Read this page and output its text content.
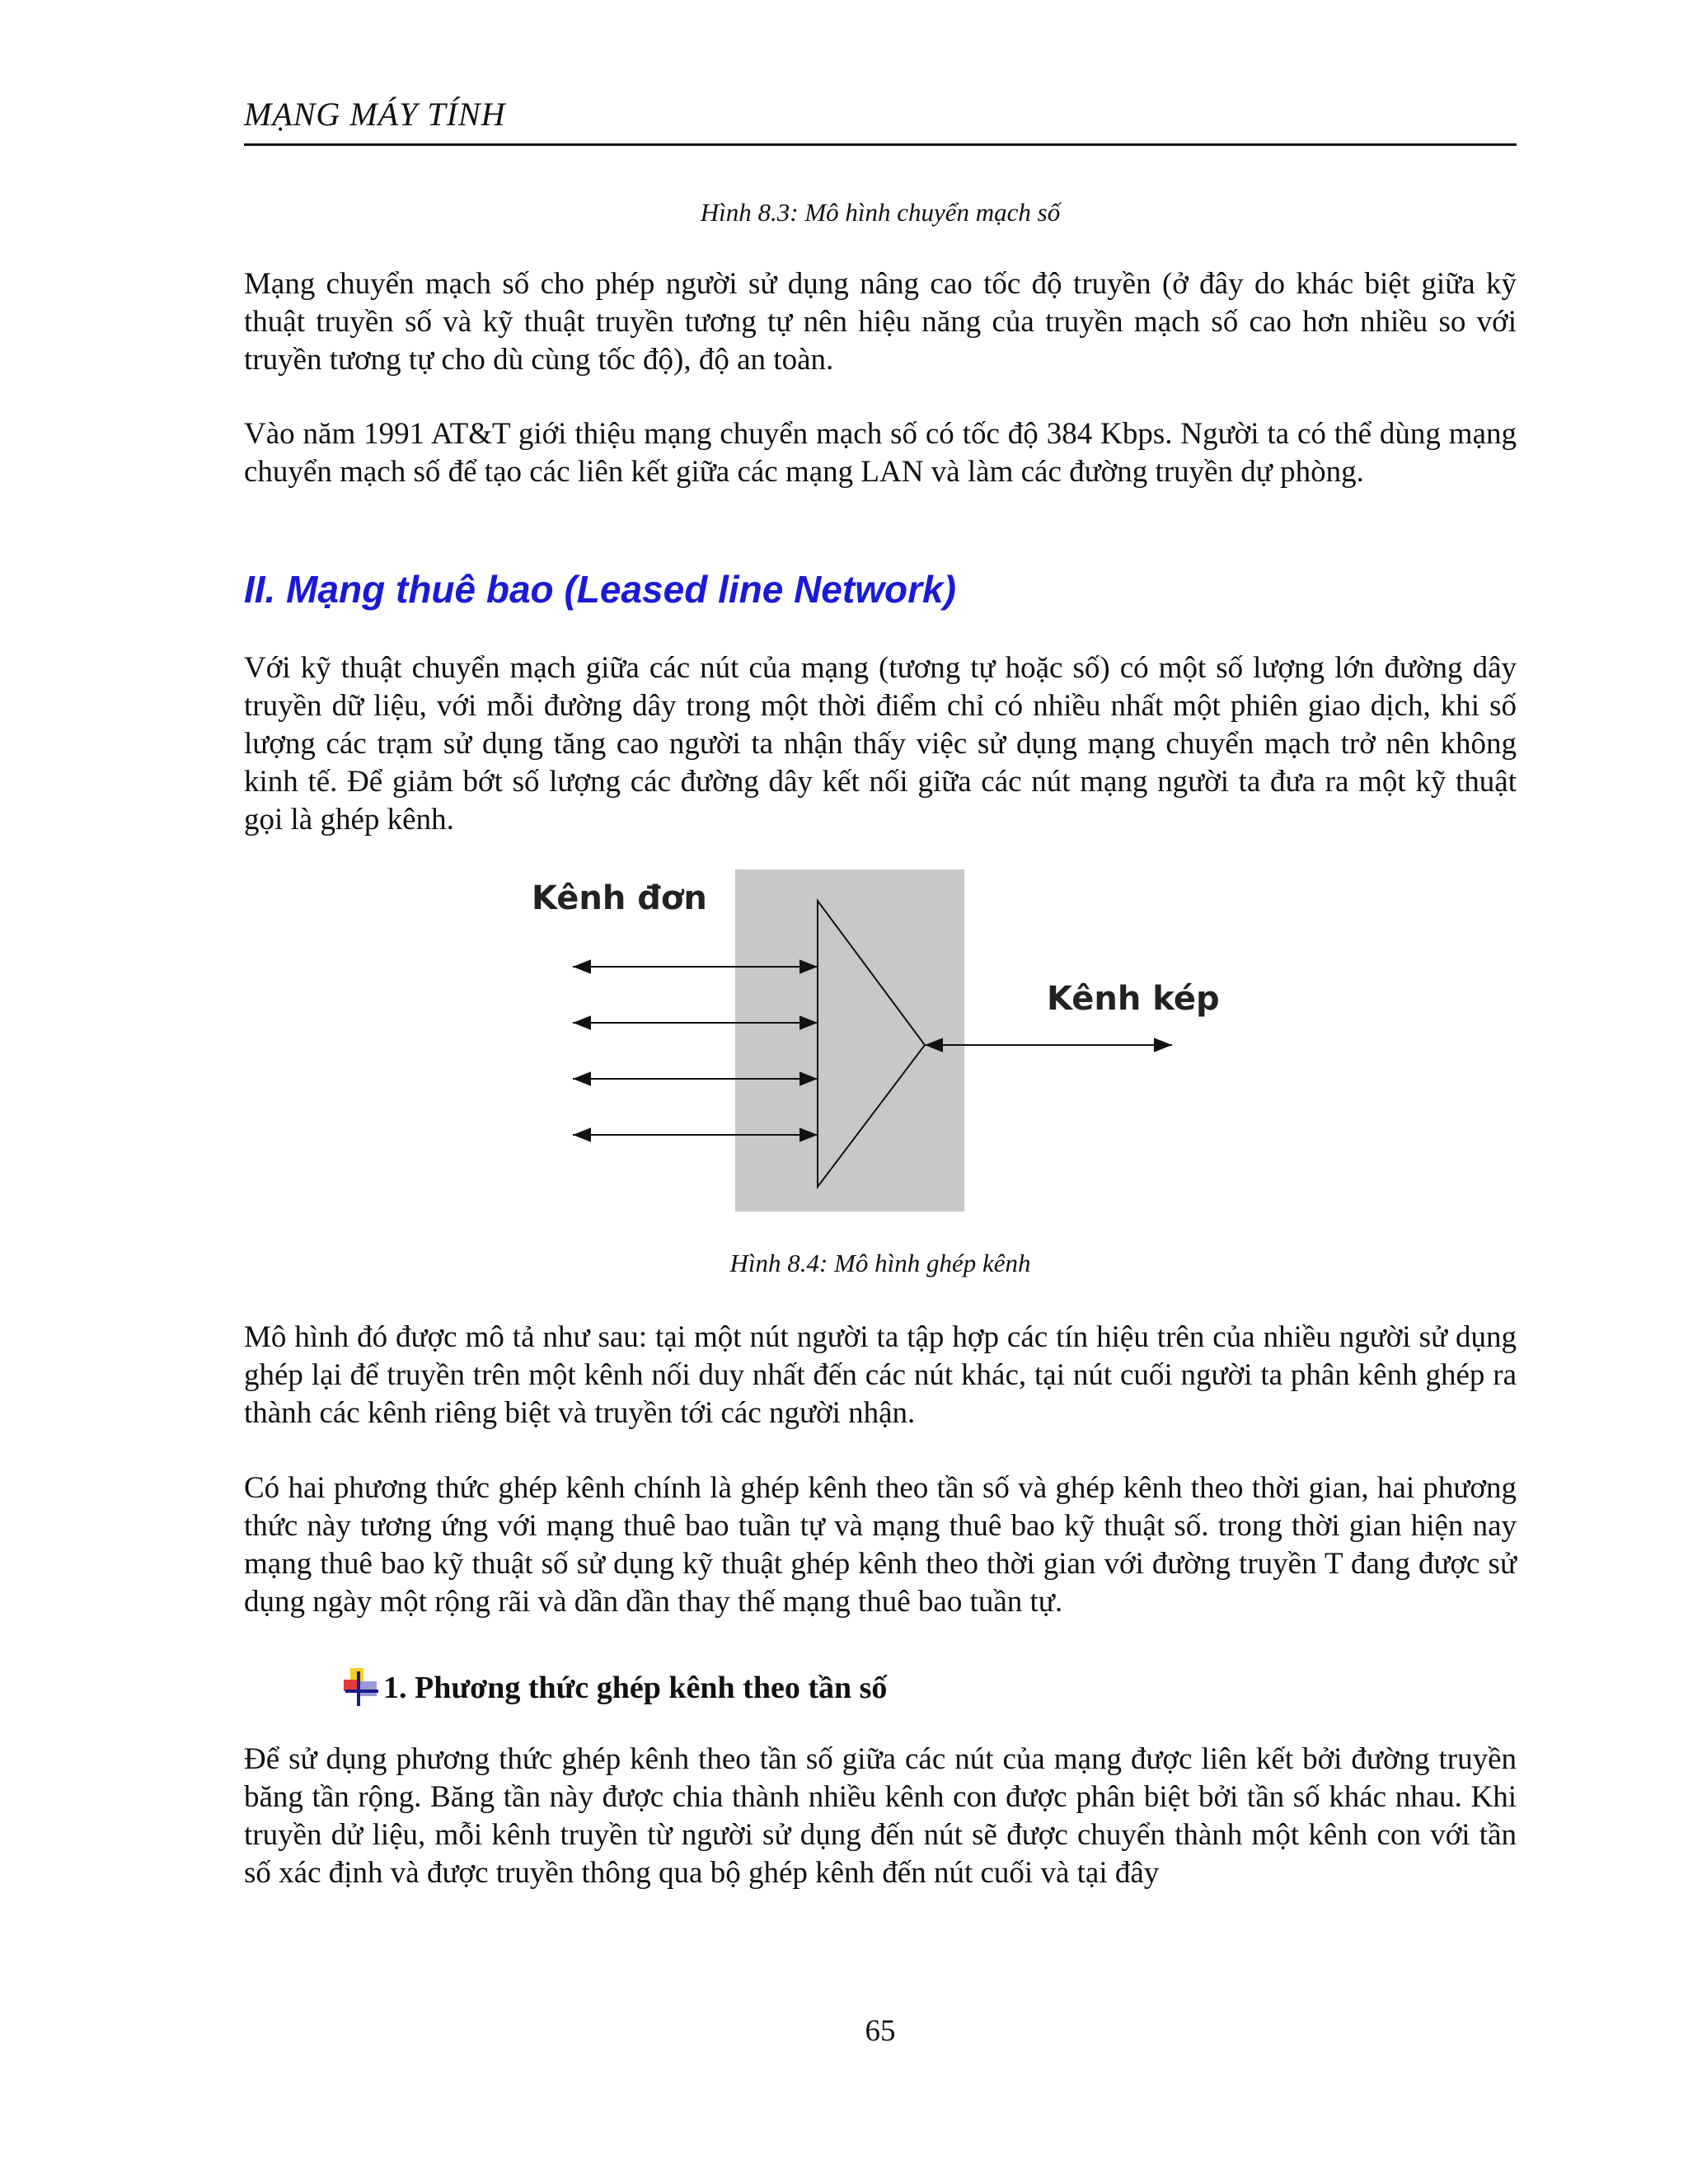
MẠNG MÁY TÍNH
Hình 8.3: Mô hình chuyển mạch số

Mạng chuyển mạch số cho phép người sử dụng nâng cao tốc độ truyền (ở đây do khác biệt giữa kỹ thuật truyền số và kỹ thuật truyền tương tự nên hiệu năng của truyền mạch số cao hơn nhiều so với truyền tương tự cho dù cùng tốc độ), độ an toàn.

Vào năm 1991 AT&T giới thiệu mạng chuyển mạch số có tốc độ 384 Kbps. Người ta có thể dùng mạng chuyển mạch số để tạo các liên kết giữa các mạng LAN và làm các đường truyền dự phòng.

II. Mạng thuê bao (Leased line Network)

Với kỹ thuật chuyển mạch giữa các nút của mạng (tương tự hoặc số) có một số lượng lớn đường dây truyền dữ liệu, với mỗi đường dây trong một thời điểm chỉ có nhiều nhất một phiên giao dịch, khi số lượng các trạm sử dụng tăng cao người ta nhận thấy việc sử dụng mạng chuyển mạch trở nên không kinh tế. Để giảm bớt số lượng các đường dây kết nối giữa các nút mạng người ta đưa ra một kỹ thuật gọi là ghép kênh.

Kênh đơn
Kênh kép
Hình 8.4: Mô hình ghép kênh

Mô hình đó được mô tả như sau: tại một nút người ta tập hợp các tín hiệu trên của nhiều người sử dụng ghép lại để truyền trên một kênh nối duy nhất đến các nút khác, tại nút cuối người ta phân kênh ghép ra thành các kênh riêng biệt và truyền tới các người nhận.

Có hai phương thức ghép kênh chính là ghép kênh theo tần số và ghép kênh theo thời gian, hai phương thức này tương ứng với mạng thuê bao tuần tự và mạng thuê bao kỹ thuật số. trong thời gian hiện nay mạng thuê bao kỹ thuật số sử dụng kỹ thuật ghép kênh theo thời gian với đường truyền T đang được sử dụng ngày một rộng rãi và dần dần thay thế mạng thuê bao tuần tự.

1. Phương thức ghép kênh theo tần số

Để sử dụng phương thức ghép kênh theo tần số giữa các nút của mạng được liên kết bởi đường truyền băng tần rộng. Băng tần này được chia thành nhiều kênh con được phân biệt bởi tần số khác nhau. Khi truyền dử liệu, mỗi kênh truyền từ người sử dụng đến nút sẽ được chuyển thành một kênh con với tần số xác định và được truyền thông qua bộ ghép kênh đến nút cuối và tại đây

65
